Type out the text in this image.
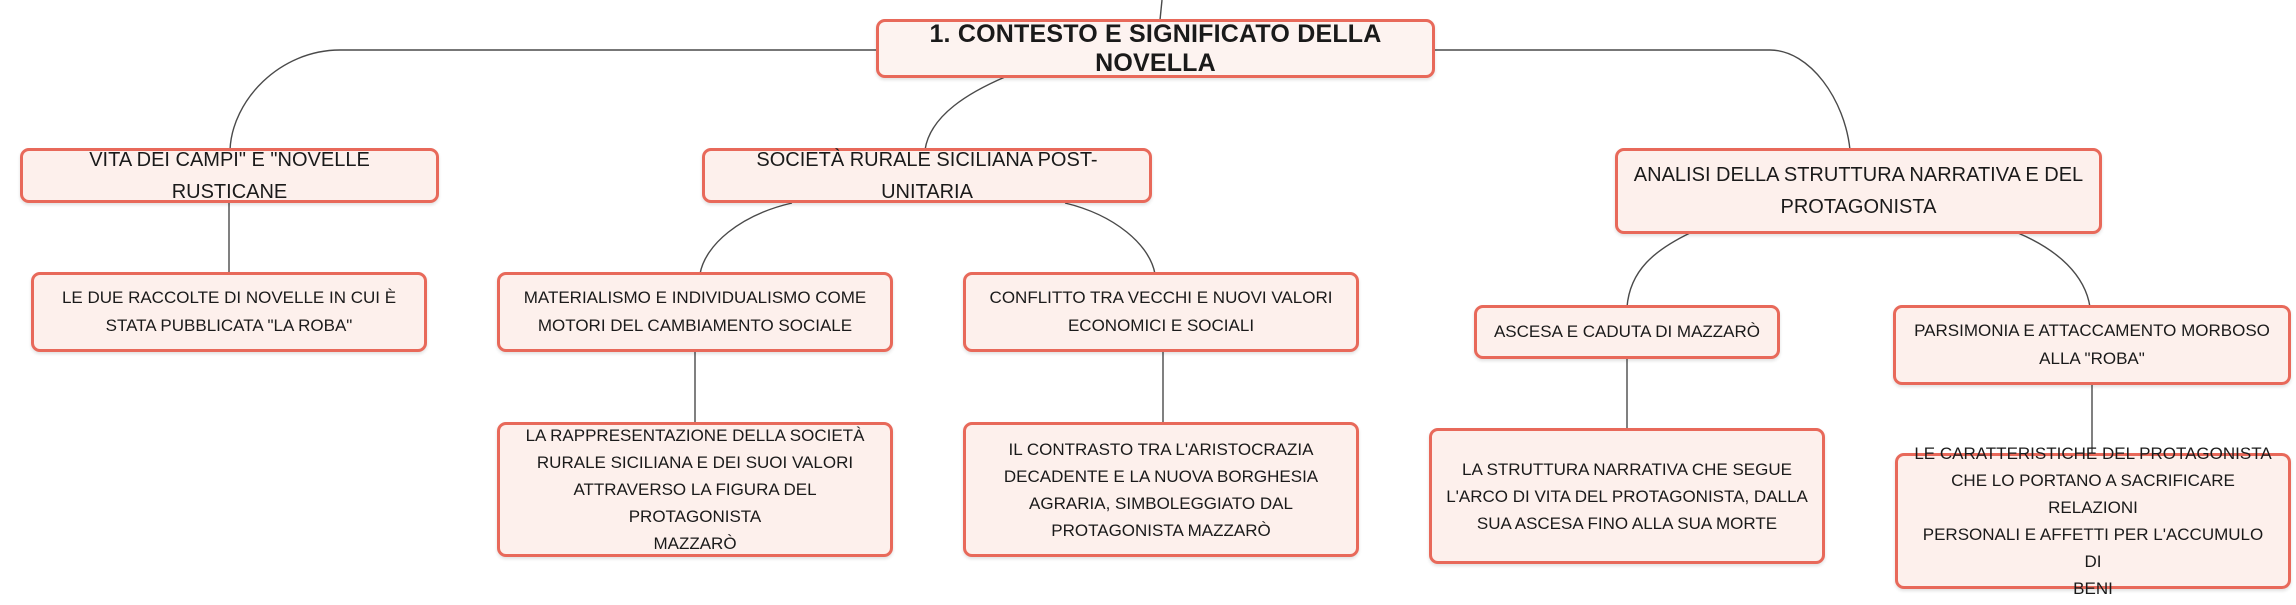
1. CONTESTO E SIGNIFICATO DELLA NOVELLA
VITA DEI CAMPI" E "NOVELLE RUSTICANE
SOCIETÀ RURALE SICILIANA POST-UNITARIA
ANALISI DELLA STRUTTURA NARRATIVA E DEL
PROTAGONISTA
LE DUE RACCOLTE DI NOVELLE IN CUI È
STATA PUBBLICATA "LA ROBA"
MATERIALISMO E INDIVIDUALISMO COME
MOTORI DEL CAMBIAMENTO SOCIALE
CONFLITTO TRA VECCHI E NUOVI VALORI
ECONOMICI E SOCIALI	ASCESA E CADUTA DI MAZZARÒ	PARSIMONIA E ATTACCAMENTO MORBOSO
ALLA "ROBA"
LA RAPPRESENTAZIONE DELLA SOCIETÀ
RURALE SICILIANA E DEI SUOI VALORI
ATTRAVERSO LA FIGURA DEL PROTAGONISTA
MAZZARÒ
IL CONTRASTO TRA L'ARISTOCRAZIA
DECADENTE E LA NUOVA BORGHESIA
AGRARIA, SIMBOLEGGIATO DAL
PROTAGONISTA MAZZARÒ
LA STRUTTURA NARRATIVA CHE SEGUE
L'ARCO DI VITA DEL PROTAGONISTA, DALLA
SUA ASCESA FINO ALLA SUA MORTE
LE CARATTERISTICHE DEL PROTAGONISTA
CHE LO PORTANO A SACRIFICARE RELAZIONI
PERSONALI E AFFETTI PER L'ACCUMULO DI
BENI
